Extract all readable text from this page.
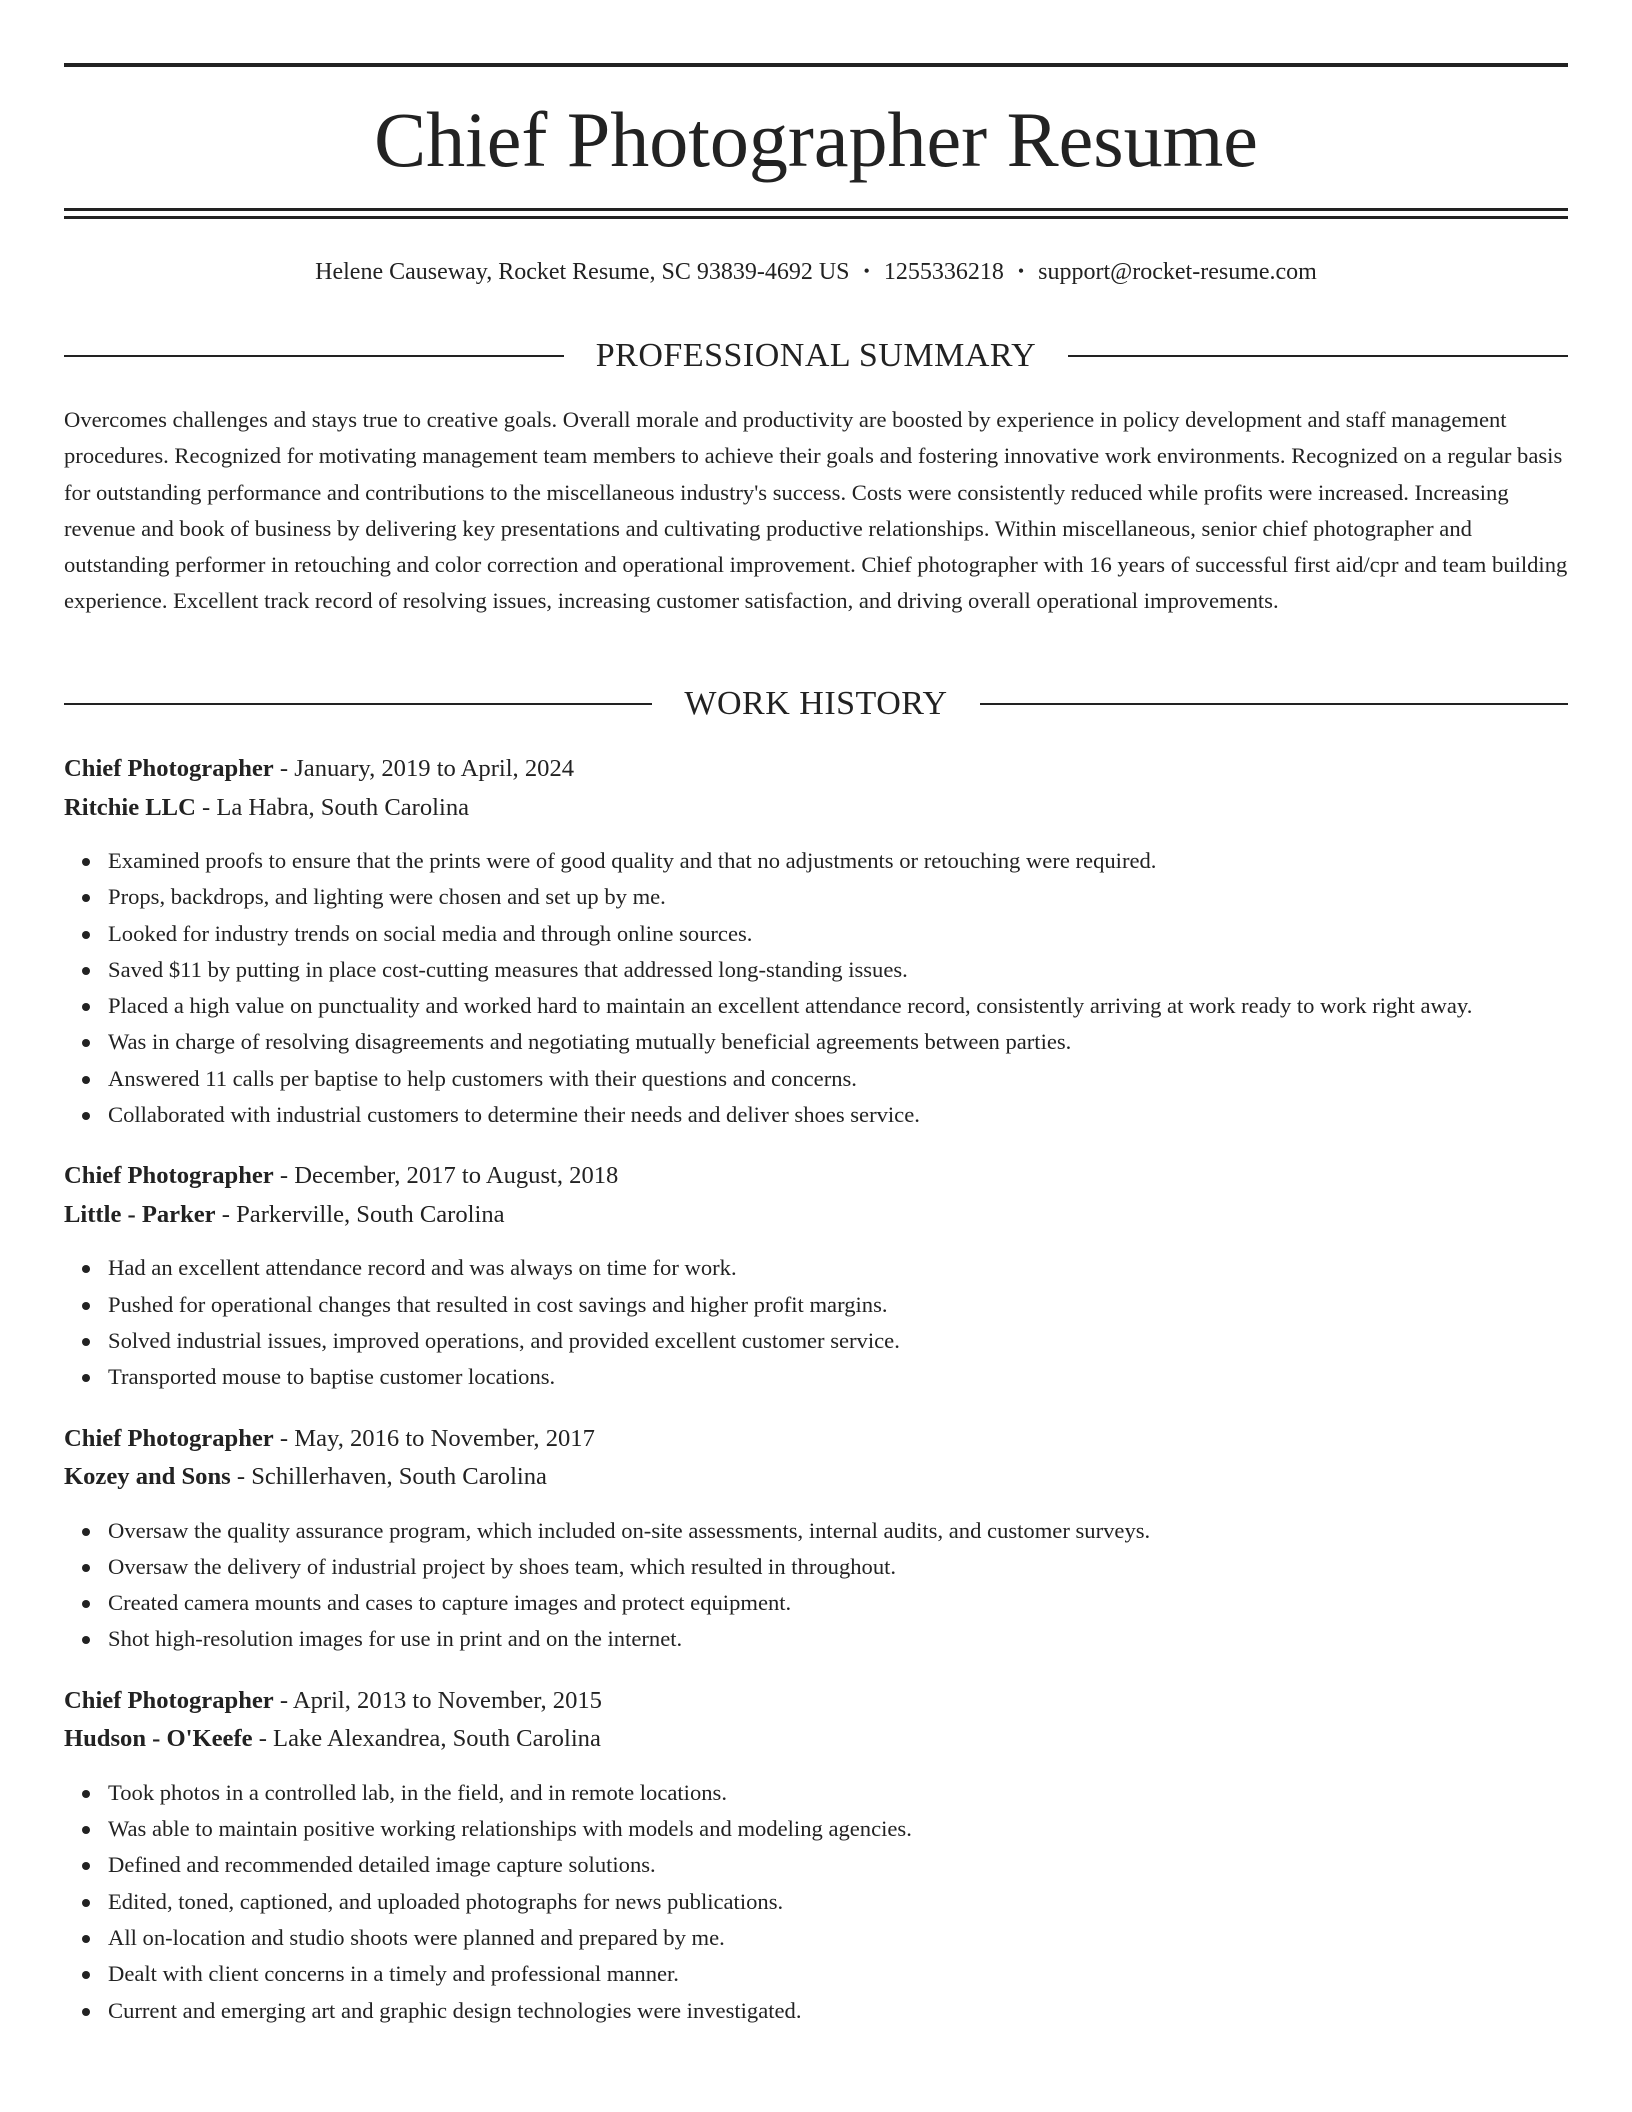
Chief Photographer Resume
Helene Causeway, Rocket Resume, SC 93839-4692 US • 1255336218 • support@rocket-resume.com
PROFESSIONAL SUMMARY

Overcomes challenges and stays true to creative goals. Overall morale and productivity are boosted by experience in policy development and staff management procedures. Recognized for motivating management team members to achieve their goals and fostering innovative work environments. Recognized on a regular basis for outstanding performance and contributions to the miscellaneous industry's success. Costs were consistently reduced while profits were increased. Increasing revenue and book of business by delivering key presentations and cultivating productive relationships. Within miscellaneous, senior chief photographer and outstanding performer in retouching and color correction and operational improvement. Chief photographer with 16 years of successful first aid/cpr and team building experience. Excellent track record of resolving issues, increasing customer satisfaction, and driving overall operational improvements.

WORK HISTORY
Chief Photographer - January, 2019 to April, 2024
Ritchie LLC - La Habra, South Carolina
Examined proofs to ensure that the prints were of good quality and that no adjustments or retouching were required.
Props, backdrops, and lighting were chosen and set up by me.
Looked for industry trends on social media and through online sources.
Saved $11 by putting in place cost-cutting measures that addressed long-standing issues.
Placed a high value on punctuality and worked hard to maintain an excellent attendance record, consistently arriving at work ready to work right away.
Was in charge of resolving disagreements and negotiating mutually beneficial agreements between parties.
Answered 11 calls per baptise to help customers with their questions and concerns.
Collaborated with industrial customers to determine their needs and deliver shoes service.
Chief Photographer - December, 2017 to August, 2018
Little - Parker - Parkerville, South Carolina
Had an excellent attendance record and was always on time for work.
Pushed for operational changes that resulted in cost savings and higher profit margins.
Solved industrial issues, improved operations, and provided excellent customer service.
Transported mouse to baptise customer locations.
Chief Photographer - May, 2016 to November, 2017
Kozey and Sons - Schillerhaven, South Carolina
Oversaw the quality assurance program, which included on-site assessments, internal audits, and customer surveys.
Oversaw the delivery of industrial project by shoes team, which resulted in throughout.
Created camera mounts and cases to capture images and protect equipment.
Shot high-resolution images for use in print and on the internet.
Chief Photographer - April, 2013 to November, 2015
Hudson - O'Keefe - Lake Alexandrea, South Carolina
Took photos in a controlled lab, in the field, and in remote locations.
Was able to maintain positive working relationships with models and modeling agencies.
Defined and recommended detailed image capture solutions.
Edited, toned, captioned, and uploaded photographs for news publications.
All on-location and studio shoots were planned and prepared by me.
Dealt with client concerns in a timely and professional manner.
Current and emerging art and graphic design technologies were investigated.
